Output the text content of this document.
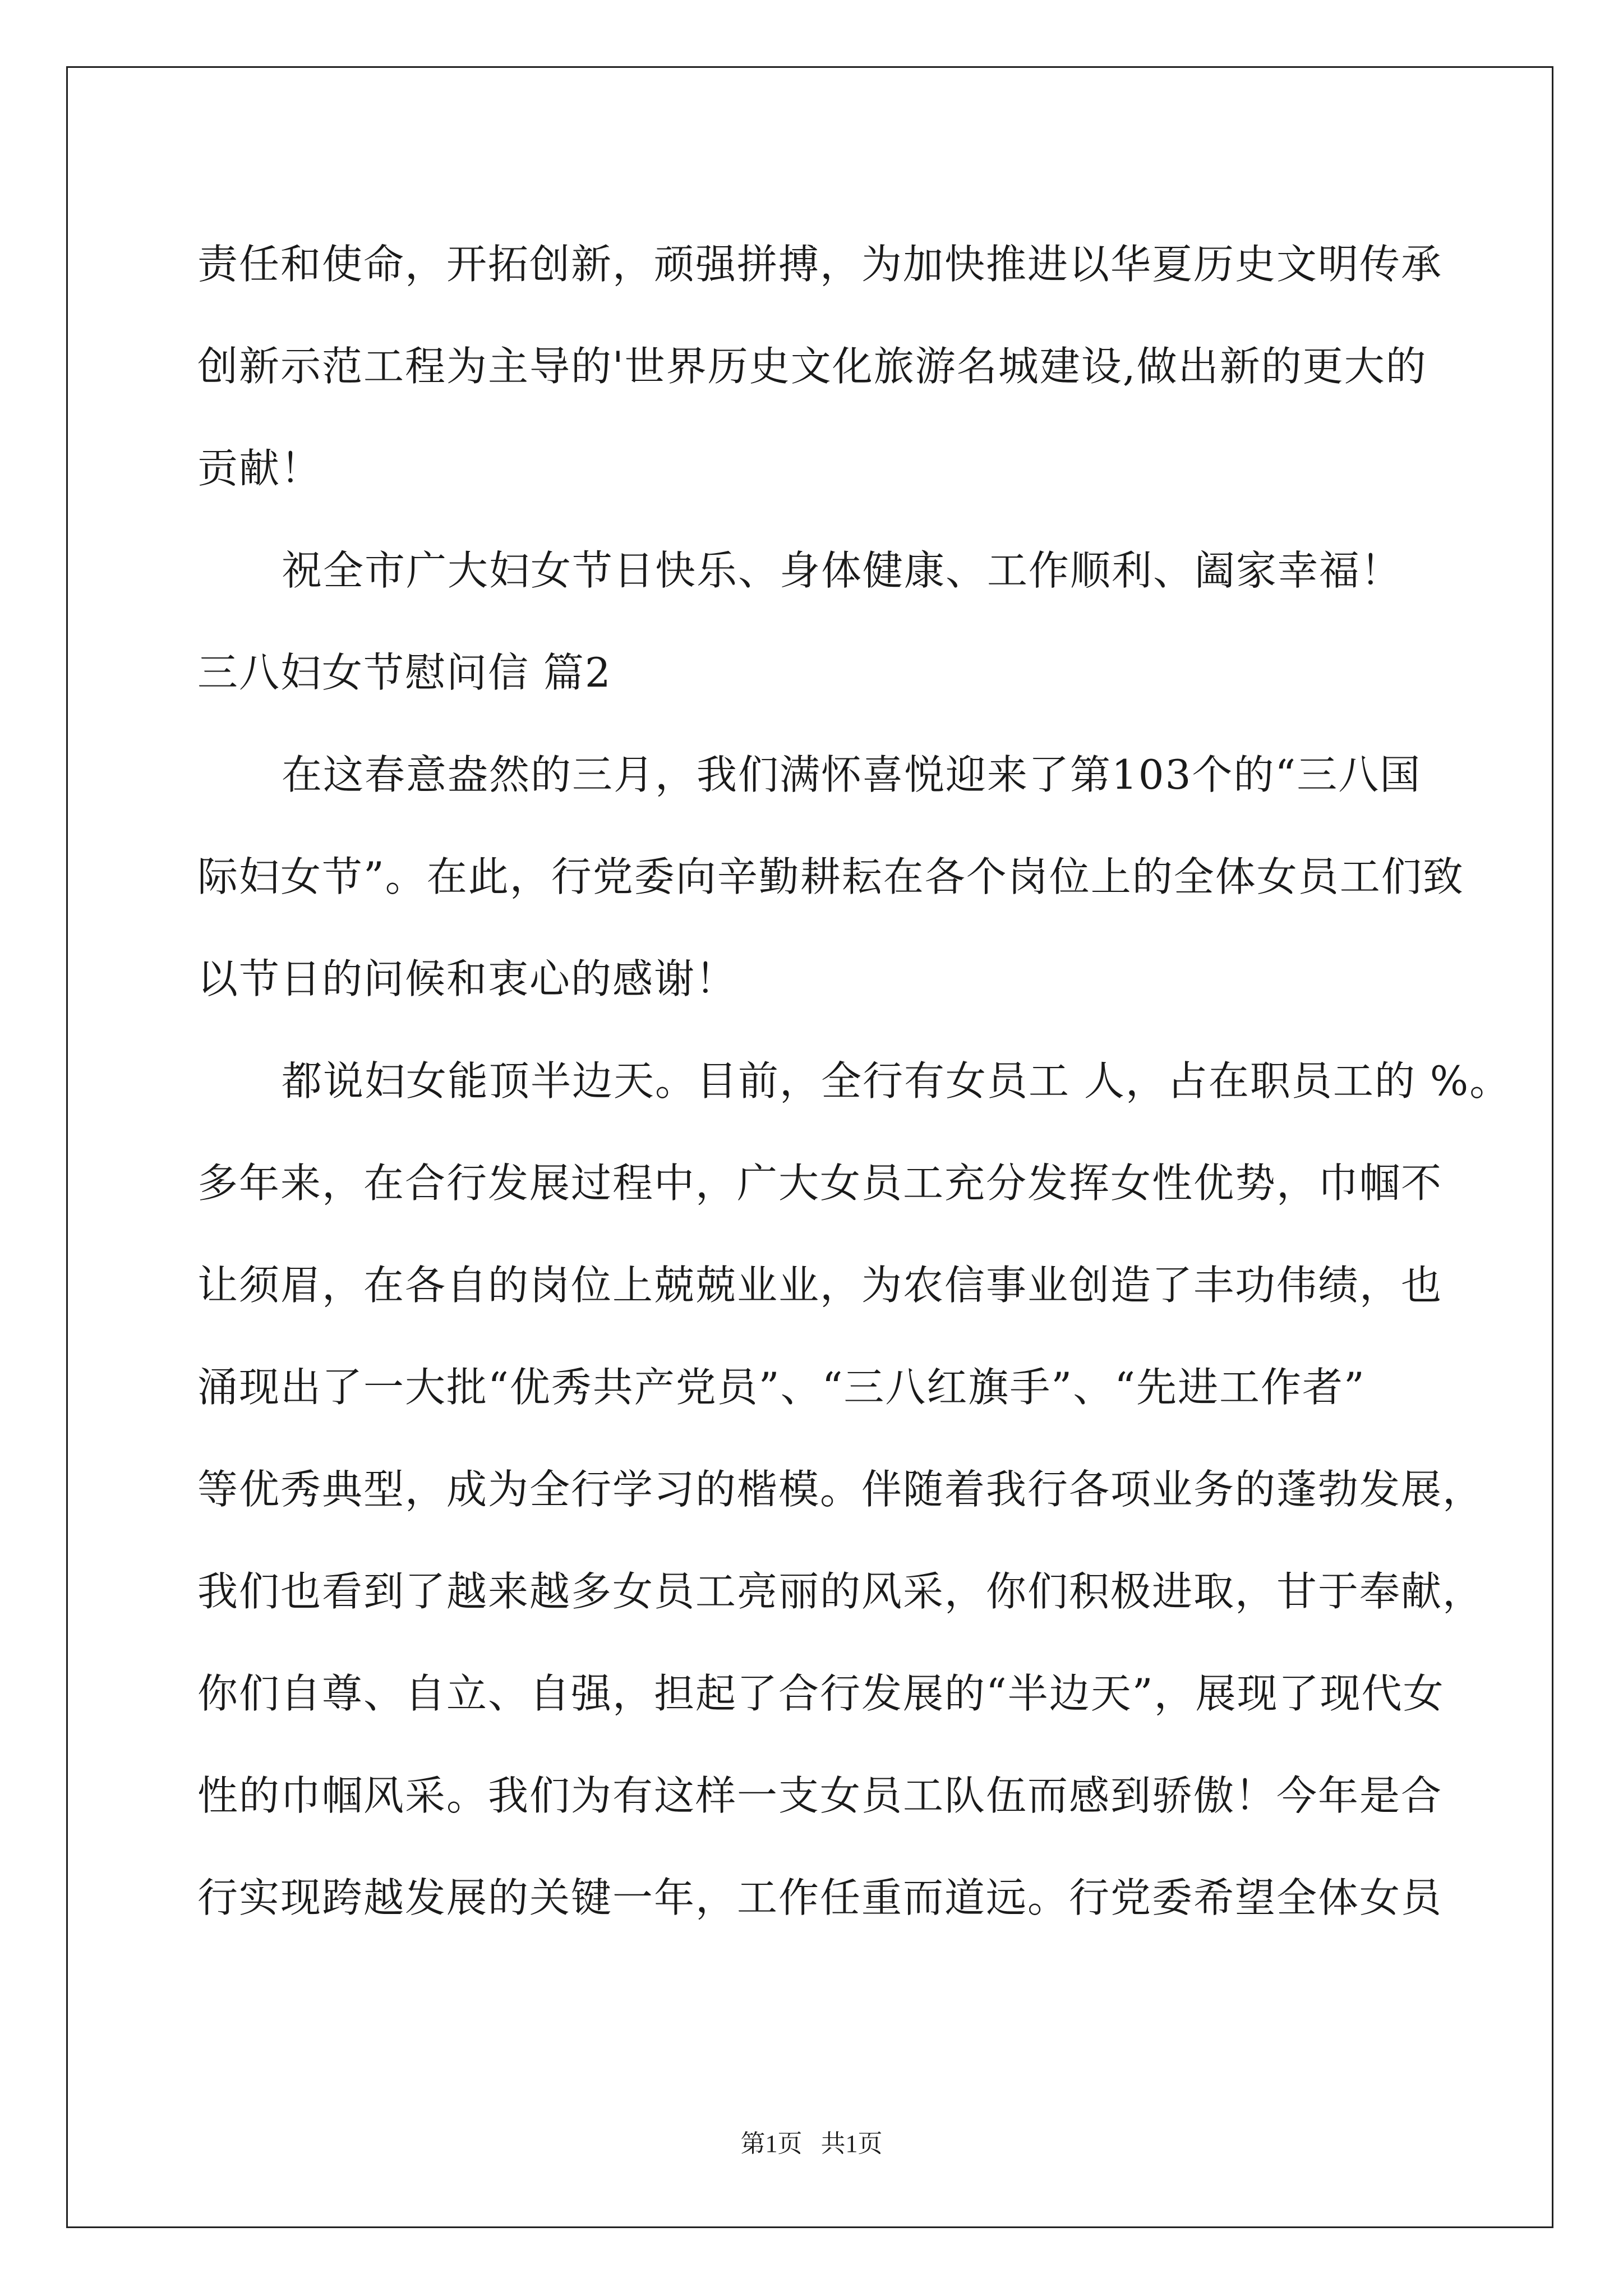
责任和使命，开拓创新，顽强拼搏，为加快推进以华夏历史文明传承
创新示范工程为主导的'世界历史文化旅游名城建设,做出新的更大的
贡献！
祝全市广大妇女节日快乐、身体健康、工作顺利、阖家幸福！
三八妇女节慰问信 篇2
在这春意盎然的三月，我们满怀喜悦迎来了第103个的“三八国
际妇女节”。在此，行党委向辛勤耕耘在各个岗位上的全体女员工们致
以节日的问候和衷心的感谢！
都说妇女能顶半边天。目前，全行有女员工 人，占在职员工的 %。
多年来，在合行发展过程中，广大女员工充分发挥女性优势，巾帼不
让须眉，在各自的岗位上兢兢业业，为农信事业创造了丰功伟绩，也
涌现出了一大批“优秀共产党员”、“三八红旗手”、“先进工作者”
等优秀典型，成为全行学习的楷模。伴随着我行各项业务的蓬勃发展，
我们也看到了越来越多女员工亮丽的风采，你们积极进取，甘于奉献，
你们自尊、自立、自强，担起了合行发展的“半边天”，展现了现代女
性的巾帼风采。我们为有这样一支女员工队伍而感到骄傲！今年是合
行实现跨越发展的关键一年，工作任重而道远。行党委希望全体女员
第1页   共1页
